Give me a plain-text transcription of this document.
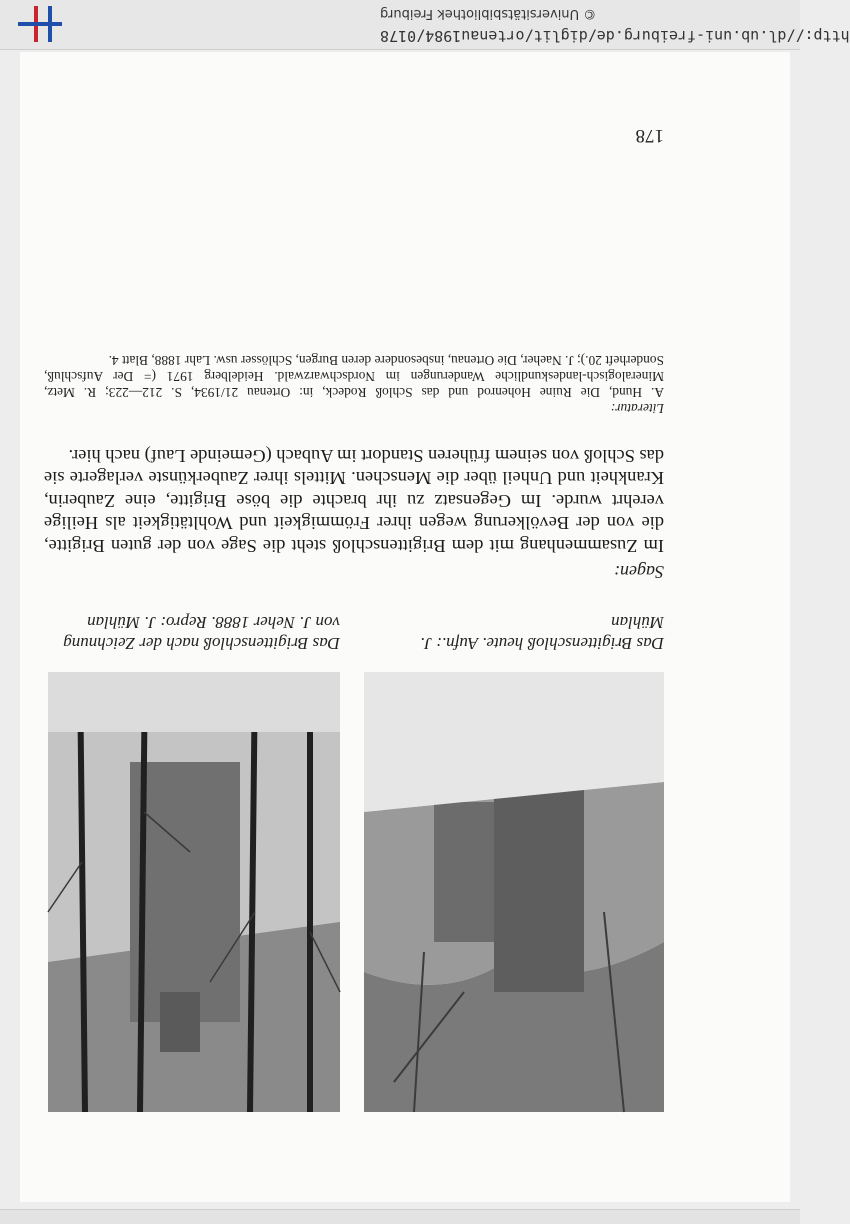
Das Brigittenschloß heute. Aufn.: J. Mühlan
Das Brigittenschloß nach der Zeichnung von J. Neher 1888. Repro: J. Mühlan
Sagen:
Im Zusammenhang mit dem Brigittenschloß steht die Sage von der guten Brigitte, die von der Bevölkerung wegen ihrer Frömmigkeit und Wohltätigkeit als Heilige verehrt wurde. Im Gegensatz zu ihr brachte die böse Brigitte, eine Zauberin, Krankheit und Unheil über die Menschen. Mittels ihrer Zauberkünste verlagerte sie das Schloß von seinem früheren Standort im Aubach (Gemeinde Lauf) nach hier.
Literatur:
A. Hund, Die Ruine Hohenrod und das Schloß Rodeck, in: Ortenau 21/1934, S. 212—223; R. Metz, Mineralogisch-landeskundliche Wanderungen im Nordschwarzwald. Heidelberg 1971 (= Der Aufschluß, Sonderheft 20.); J. Naeher, Die Ortenau, insbesondere deren Burgen, Schlösser usw. Lahr 1888, Blatt 4.
178
http://dl.ub.uni-freiburg.de/diglit/ortenau1984/0178
© Universitätsbibliothek Freiburg
